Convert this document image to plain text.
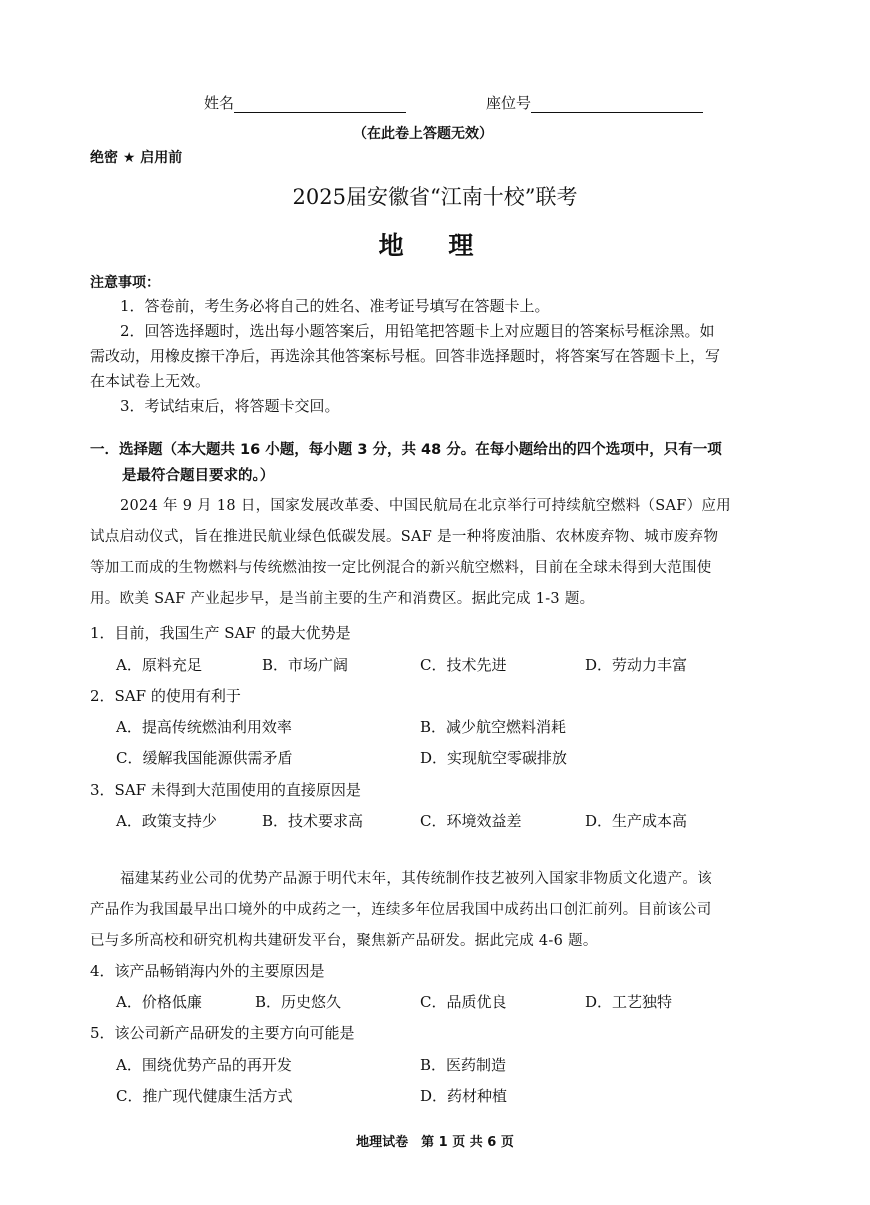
姓名	座位号
（在此卷上答题无效）
绝密 ★ 启用前
2025届安徽省“江南十校”联考
地 理
注意事项：
1．答卷前，考生务必将自己的姓名、准考证号填写在答题卡上。
2．回答选择题时，选出每小题答案后，用铅笔把答题卡上对应题目的答案标号框涂黑。如
需改动，用橡皮擦干净后，再选涂其他答案标号框。回答非选择题时，将答案写在答题卡上，写
在本试卷上无效。
3．考试结束后，将答题卡交回。
一．选择题（本大题共 16 小题，每小题 3 分，共 48 分。在每小题给出的四个选项中，只有一项
是最符合题目要求的。）
2024 年 9 月 18 日，国家发展改革委、中国民航局在北京举行可持续航空燃料（SAF）应用
试点启动仪式，旨在推进民航业绿色低碳发展。SAF 是一种将废油脂、农林废弃物、城市废弃物
等加工而成的生物燃料与传统燃油按一定比例混合的新兴航空燃料，目前在全球未得到大范围使
用。欧美 SAF 产业起步早，是当前主要的生产和消费区。据此完成 1-3 题。
1．目前，我国生产 SAF 的最大优势是
A．原料充足	B．市场广阔	C．技术先进	D．劳动力丰富
2．SAF 的使用有利于
A．提高传统燃油利用效率	B．减少航空燃料消耗
C．缓解我国能源供需矛盾	D．实现航空零碳排放
3．SAF 未得到大范围使用的直接原因是
A．政策支持少	B．技术要求高	C．环境效益差	D．生产成本高
福建某药业公司的优势产品源于明代末年，其传统制作技艺被列入国家非物质文化遗产。该
产品作为我国最早出口境外的中成药之一，连续多年位居我国中成药出口创汇前列。目前该公司
已与多所高校和研究机构共建研发平台，聚焦新产品研发。据此完成 4-6 题。
4．该产品畅销海内外的主要原因是
A．价格低廉	B．历史悠久	C．品质优良	D．工艺独特
5．该公司新产品研发的主要方向可能是
A．围绕优势产品的再开发	B．医药制造
C．推广现代健康生活方式	D．药材种植
地理试卷　第 1 页 共 6 页
